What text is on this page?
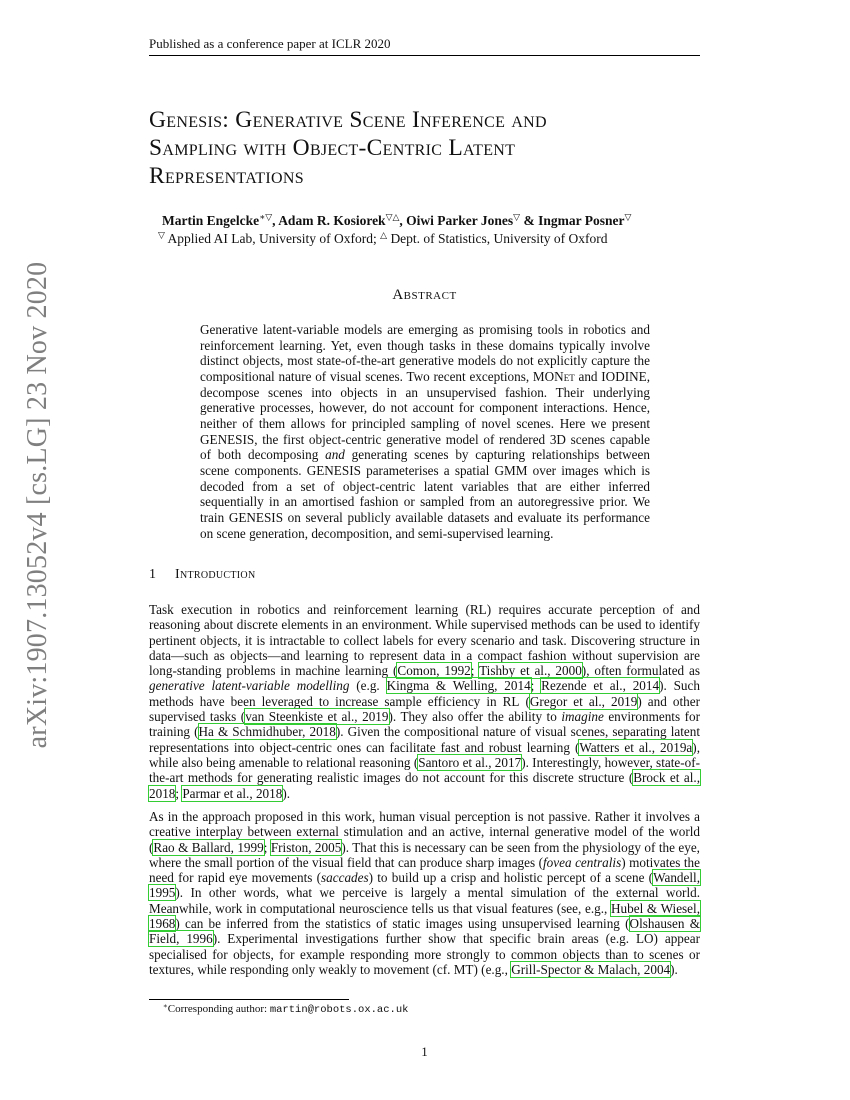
Published as a conference paper at ICLR 2020
arXiv:1907.13052v4 [cs.LG] 23 Nov 2020
Genesis: Generative Scene Inference and
Sampling with Object-Centric Latent
Representations
Martin Engelcke∗▽, Adam R. Kosiorek▽△, Oiwi Parker Jones▽ & Ingmar Posner▽
▽ Applied AI Lab, University of Oxford; △ Dept. of Statistics, University of Oxford
Abstract
Generative latent-variable models are emerging as promising tools in robotics and reinforcement learning. Yet, even though tasks in these domains typically involve distinct objects, most state-of-the-art generative models do not explicitly capture the compositional nature of visual scenes. Two recent exceptions, MONet and IODINE, decompose scenes into objects in an unsupervised fashion. Their underlying generative processes, however, do not account for component interactions. Hence, neither of them allows for principled sampling of novel scenes. Here we present GENESIS, the first object-centric generative model of rendered 3D scenes capable of both decomposing and generating scenes by capturing relationships between scene components. GENESIS parameterises a spatial GMM over images which is decoded from a set of object-centric latent variables that are either inferred sequentially in an amortised fashion or sampled from an autoregressive prior. We train GENESIS on several publicly available datasets and evaluate its performance on scene generation, decomposition, and semi-supervised learning.
1 Introduction
Task execution in robotics and reinforcement learning (RL) requires accurate perception of and reasoning about discrete elements in an environment. While supervised methods can be used to identify pertinent objects, it is intractable to collect labels for every scenario and task. Discovering structure in data—such as objects—and learning to represent data in a compact fashion without supervision are long-standing problems in machine learning (Comon, 1992; Tishby et al., 2000), often formulated as generative latent-variable modelling (e.g. Kingma & Welling, 2014; Rezende et al., 2014). Such methods have been leveraged to increase sample efficiency in RL (Gregor et al., 2019) and other supervised tasks (van Steenkiste et al., 2019). They also offer the ability to imagine environments for training (Ha & Schmidhuber, 2018). Given the compositional nature of visual scenes, separating latent representations into object-centric ones can facilitate fast and robust learning (Watters et al., 2019a), while also being amenable to relational reasoning (Santoro et al., 2017). Interestingly, however, state-of-the-art methods for generating realistic images do not account for this discrete structure (Brock et al., 2018; Parmar et al., 2018).
As in the approach proposed in this work, human visual perception is not passive. Rather it involves a creative interplay between external stimulation and an active, internal generative model of the world (Rao & Ballard, 1999; Friston, 2005). That this is necessary can be seen from the physiology of the eye, where the small portion of the visual field that can produce sharp images (fovea centralis) motivates the need for rapid eye movements (saccades) to build up a crisp and holistic percept of a scene (Wandell, 1995). In other words, what we perceive is largely a mental simulation of the external world. Meanwhile, work in computational neuroscience tells us that visual features (see, e.g., Hubel & Wiesel, 1968) can be inferred from the statistics of static images using unsupervised learning (Olshausen & Field, 1996). Experimental investigations further show that specific brain areas (e.g. LO) appear specialised for objects, for example responding more strongly to common objects than to scenes or textures, while responding only weakly to movement (cf. MT) (e.g., Grill-Spector & Malach, 2004).
∗Corresponding author: martin@robots.ox.ac.uk
1
